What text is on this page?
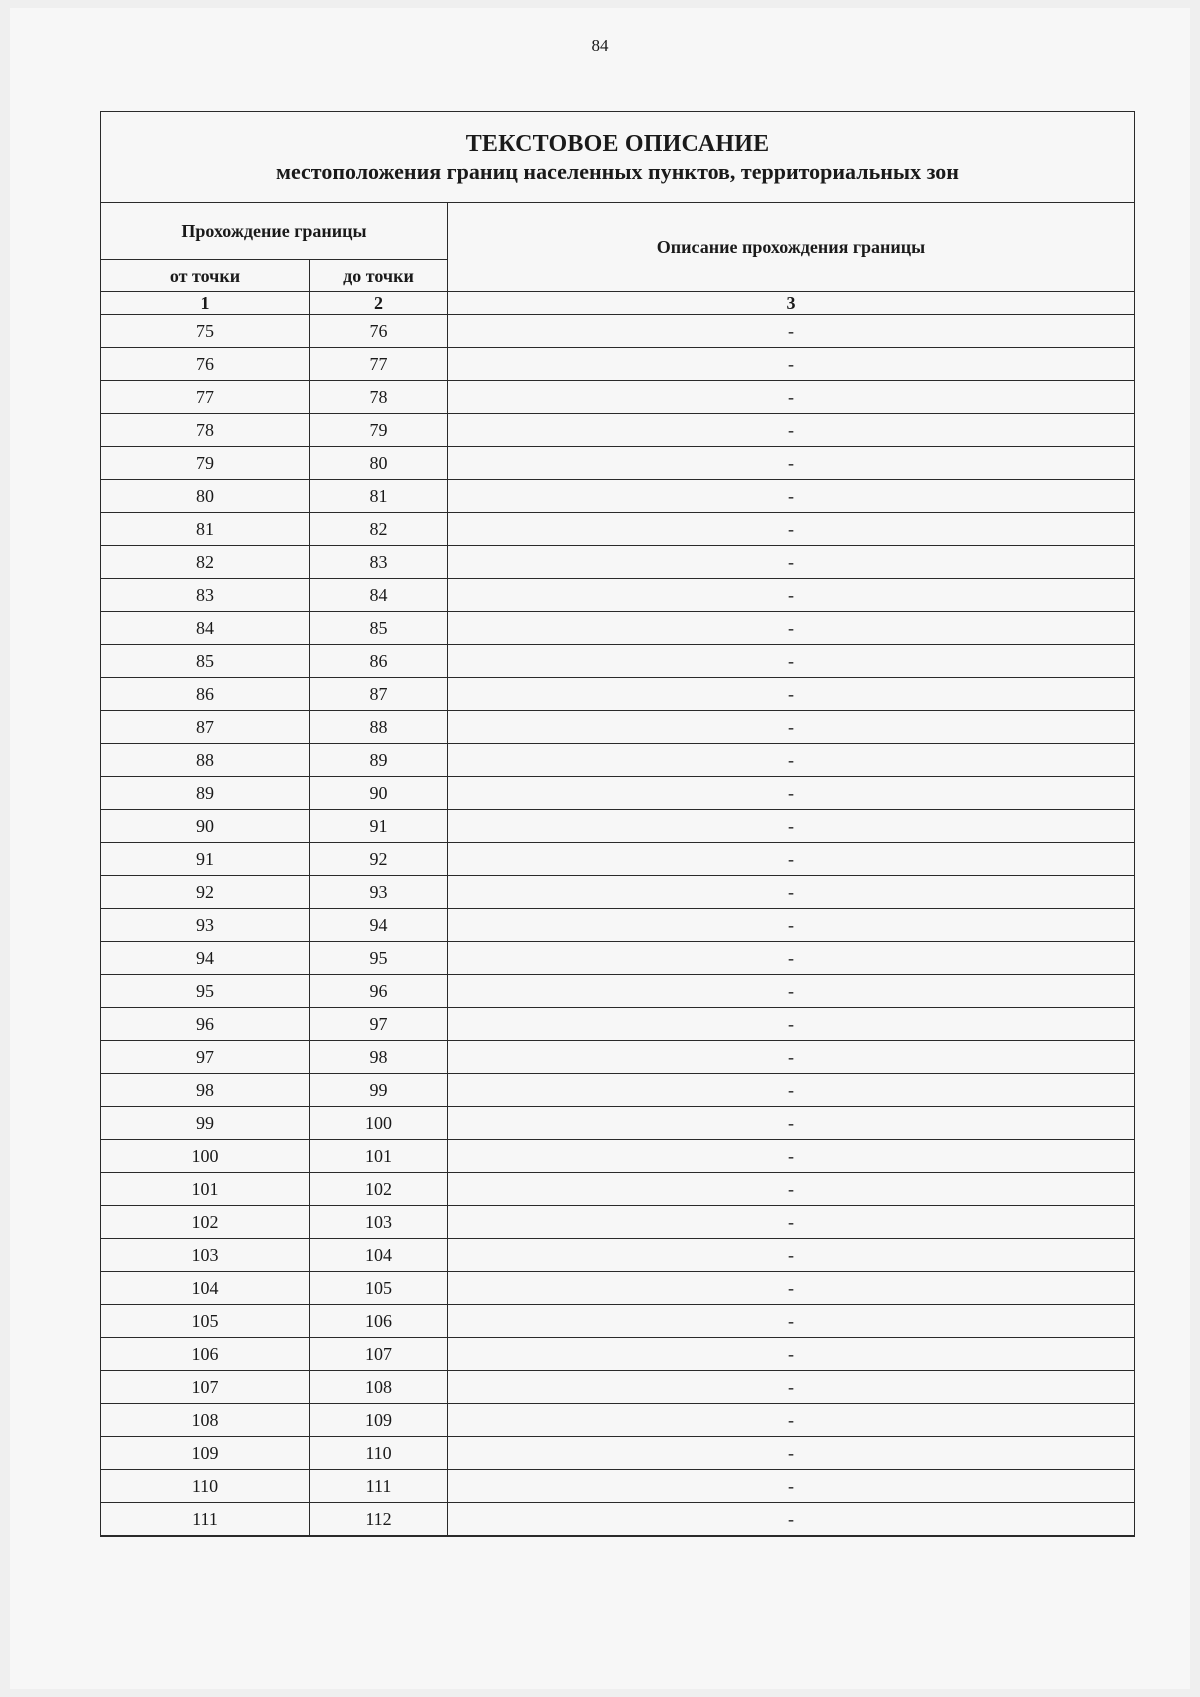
84
ТЕКСТОВОЕ ОПИСАНИЕ
местоположения границ населенных пунктов, территориальных зон		

Прохождение границы		Описание прохождения границы
от точки	до точки	
1	2	3
75	76	-
76	77	-
77	78	-
78	79	-
79	80	-
80	81	-
81	82	-
82	83	-
83	84	-
84	85	-
85	86	-
86	87	-
87	88	-
88	89	-
89	90	-
90	91	-
91	92	-
92	93	-
93	94	-
94	95	-
95	96	-
96	97	-
97	98	-
98	99	-
99	100	-
100	101	-
101	102	-
102	103	-
103	104	-
104	105	-
105	106	-
106	107	-
107	108	-
108	109	-
109	110	-
110	111	-
111	112	-
